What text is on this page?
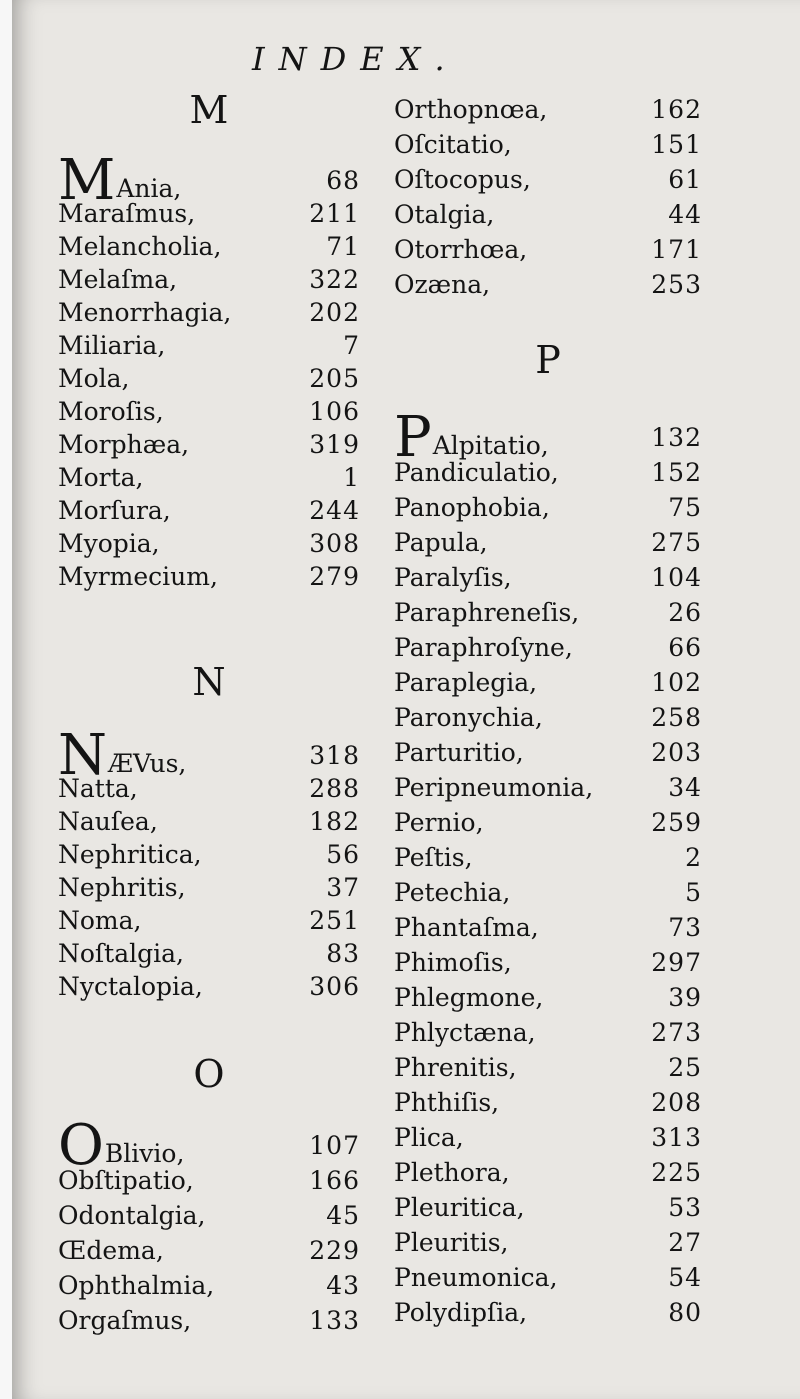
INDEX.
M
MAnia,	68
Maraſmus,	211
Melancholia,	71
Melaſma,	322
Menorrhagia,	202
Miliaria,	7
Mola,	205
Moroſis,	106
Morphæa,	319
Morta,	1
Morſura,	244
Myopia,	308
Myrmecium,	279
N
NÆVus,	318
Natta,	288
Nauſea,	182
Nephritica,	56
Nephritis,	37
Noma,	251
Noſtalgia,	83
Nyctalopia,	306
O
OBlivio,	107
Obſtipatio,	166
Odontalgia,	45
Œdema,	229
Ophthalmia,	43
Orgaſmus,	133
Orthopnœa,	162
Oſcitatio,	151
Oſtocopus,	61
Otalgia,	44
Otorrhœa,	171
Ozæna,	253
P
PAlpitatio,	132
Pandiculatio,	152
Panophobia,	75
Papula,	275
Paralyſis,	104
Paraphreneſis,	26
Paraphroſyne,	66
Paraplegia,	102
Paronychia,	258
Parturitio,	203
Peripneumonia,	34
Pernio,	259
Peſtis,	2
Petechia,	5
Phantaſma,	73
Phimoſis,	297
Phlegmone,	39
Phlyctæna,	273
Phrenitis,	25
Phthiſis,	208
Plica,	313
Plethora,	225
Pleuritica,	53
Pleuritis,	27
Pneumonica,	54
Polydipſia,	80
